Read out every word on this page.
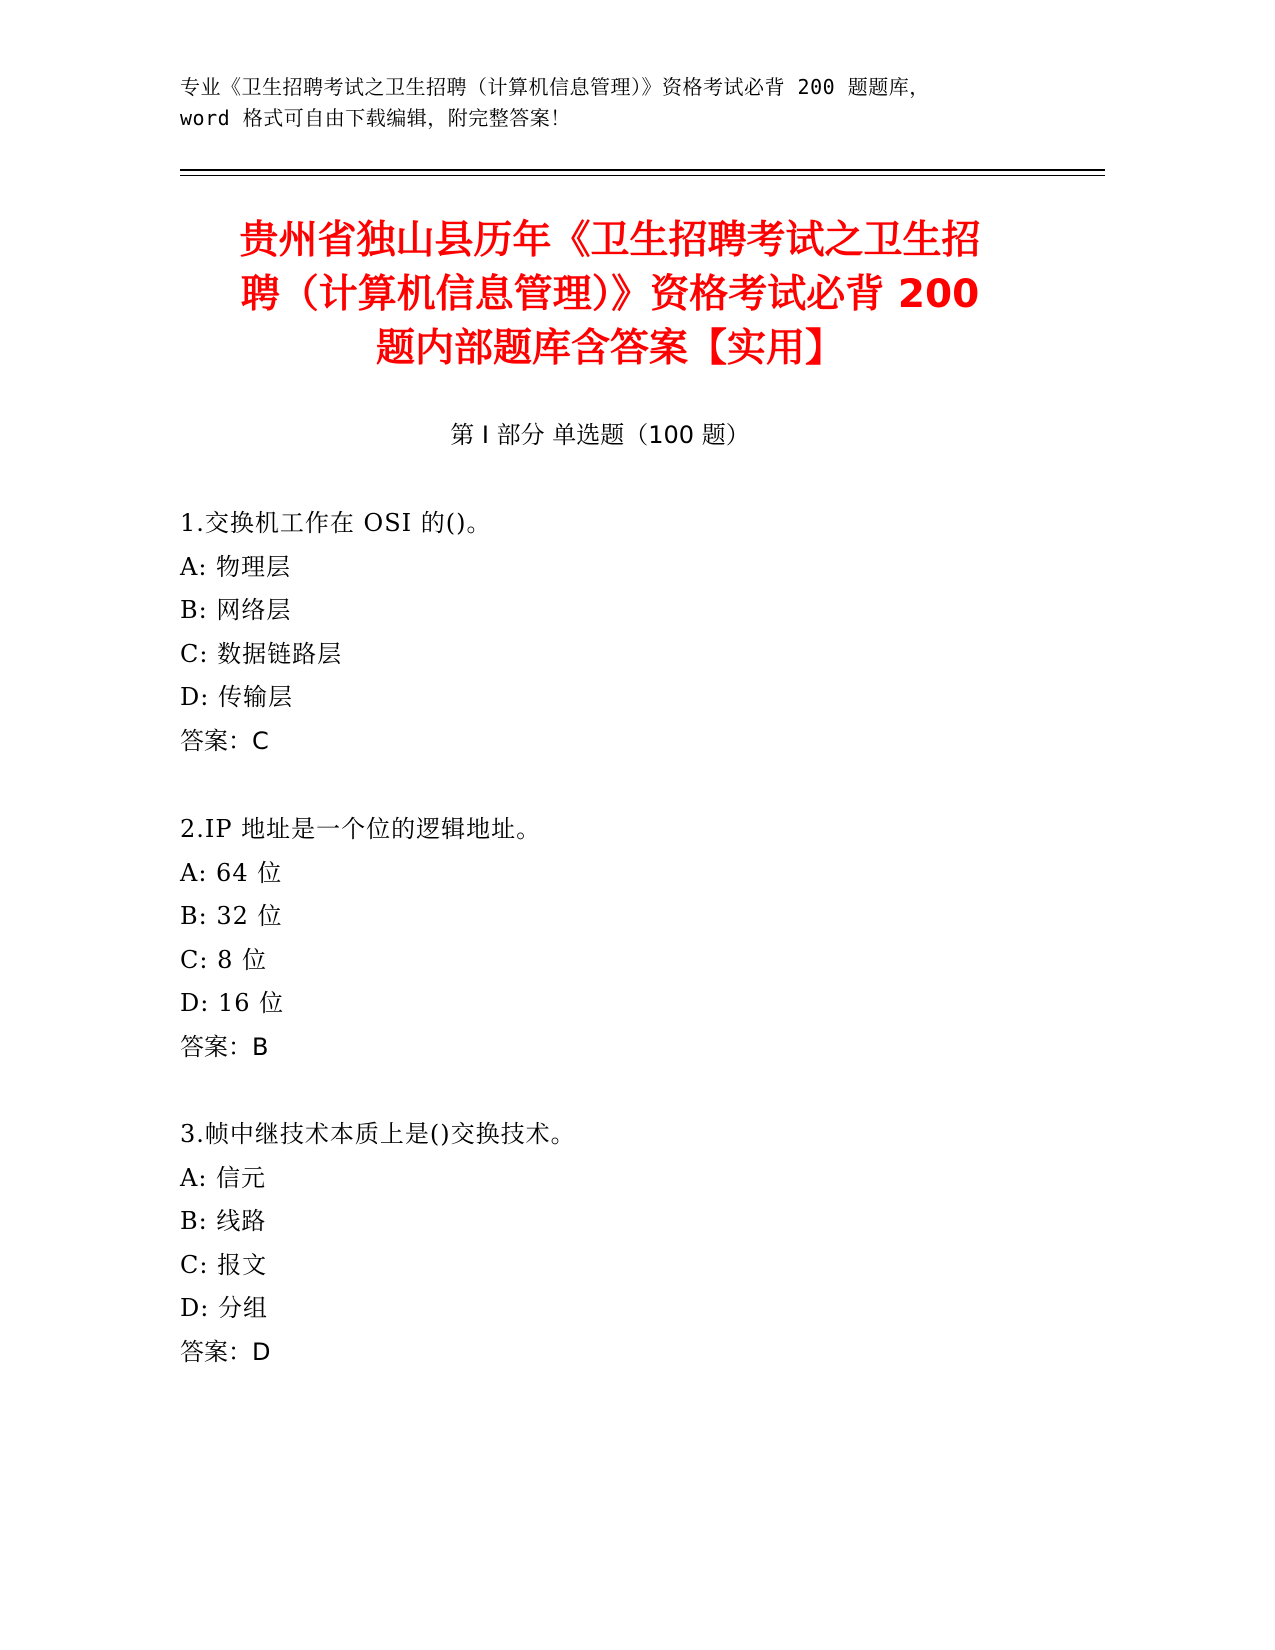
专业《卫生招聘考试之卫生招聘（计算机信息管理）》资格考试必背 200 题题库，
word 格式可自由下载编辑，附完整答案！
贵州省独山县历年《卫生招聘考试之卫生招
聘（计算机信息管理）》资格考试必背 200
题内部题库含答案【实用】
第 I 部分 单选题（100 题）
1.交换机工作在 OSI 的()。
A: 物理层
B: 网络层
C: 数据链路层
D: 传输层
答案：C
2.IP 地址是一个位的逻辑地址。
A: 64 位
B: 32 位
C: 8 位
D: 16 位
答案：B
3.帧中继技术本质上是()交换技术。
A: 信元
B: 线路
C: 报文
D: 分组
答案：D
